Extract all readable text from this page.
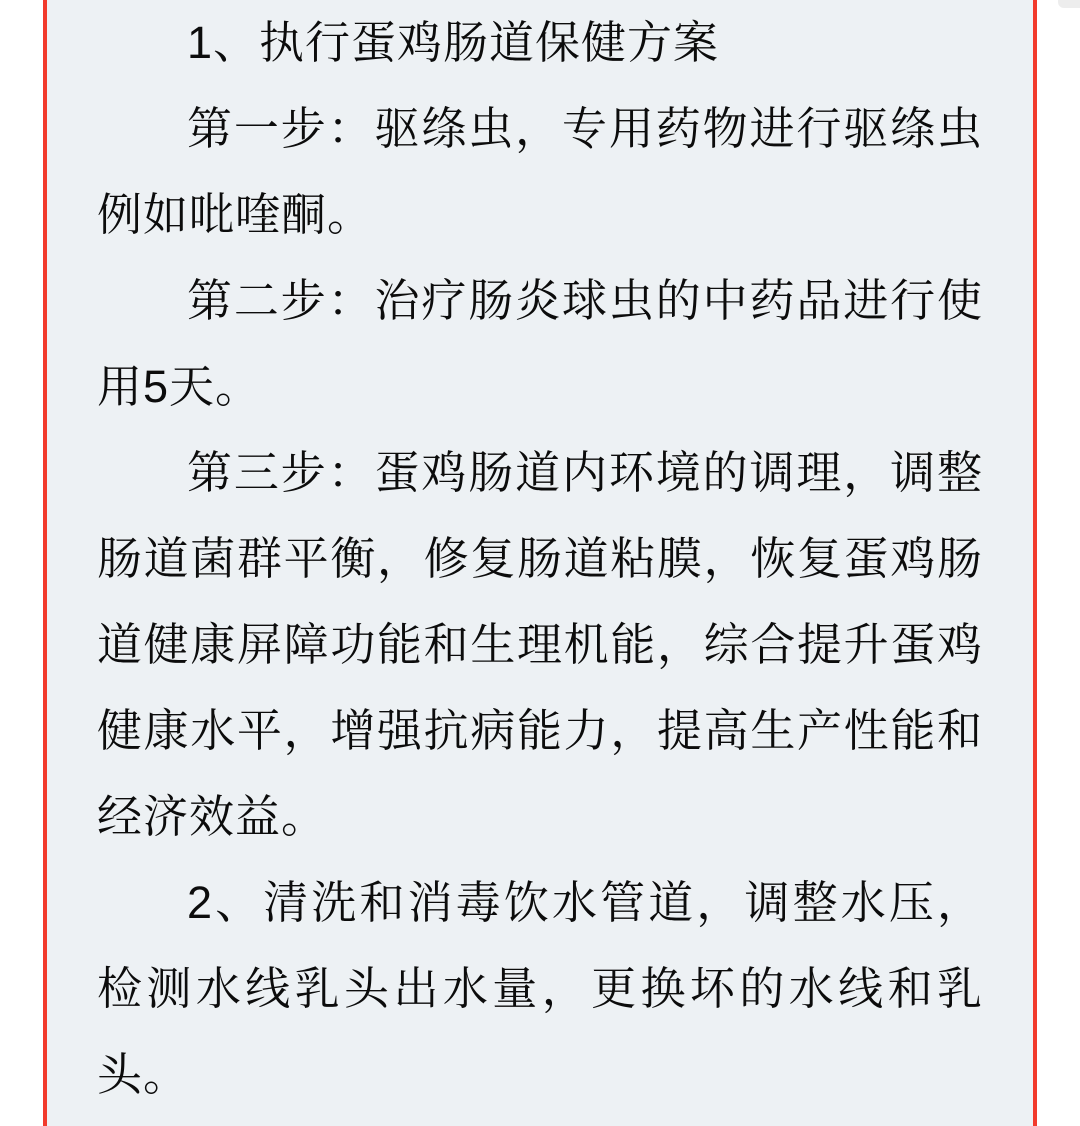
1、执行蛋鸡肠道保健方案

第一步：驱绦虫，专用药物进行驱绦虫
例如吡喹酮。

第二步：治疗肠炎球虫的中药品进行使
用5天。

第三步：蛋鸡肠道内环境的调理，调整
肠道菌群平衡，修复肠道粘膜，恢复蛋鸡肠
道健康屏障功能和生理机能，综合提升蛋鸡
健康水平，增强抗病能力，提高生产性能和
经济效益。

2、清洗和消毒饮水管道，调整水压，
检测水线乳头出水量，更换坏的水线和乳
头。
